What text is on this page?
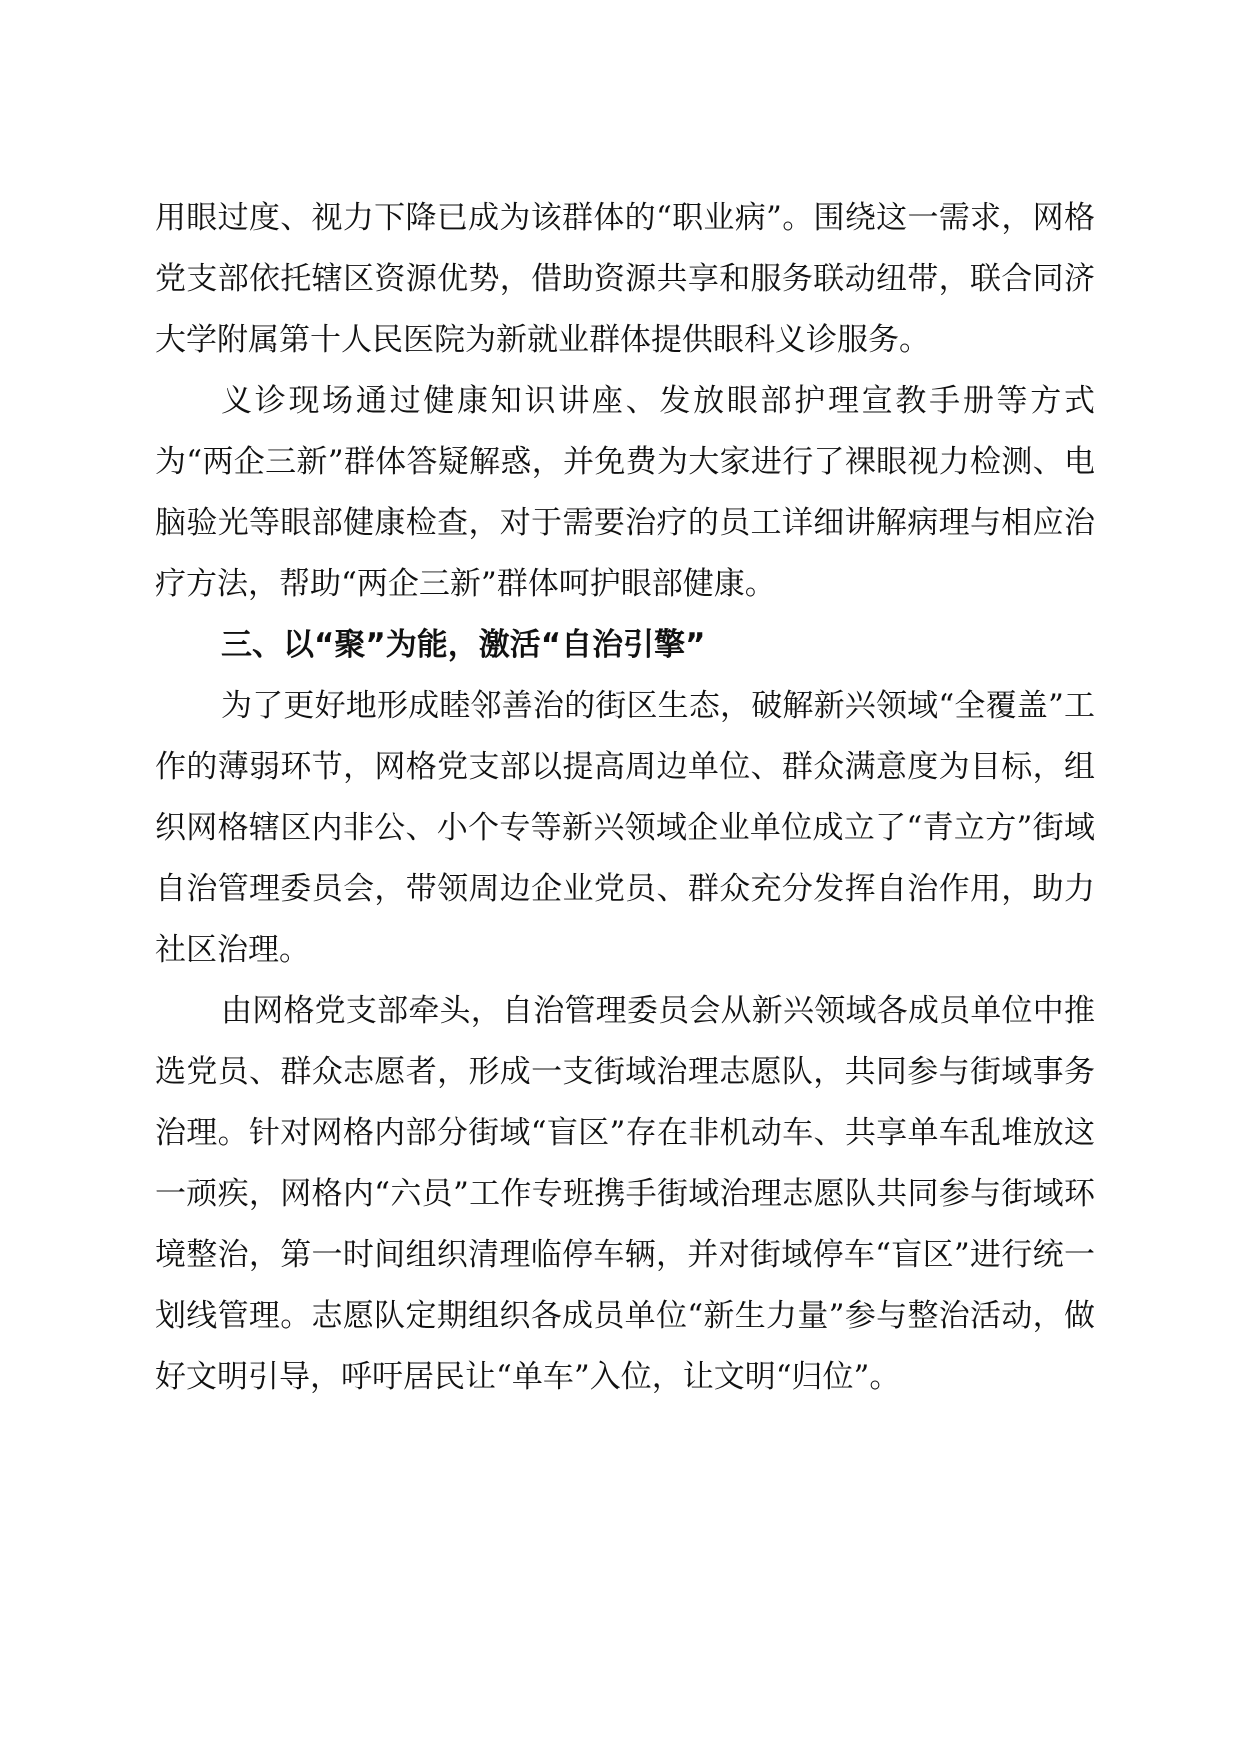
用眼过度、视力下降已成为该群体的“职业病”。围绕这一需求，网格党支部依托辖区资源优势，借助资源共享和服务联动纽带，联合同济大学附属第十人民医院为新就业群体提供眼科义诊服务。

义诊现场通过健康知识讲座、发放眼部护理宣教手册等方式为“两企三新”群体答疑解惑，并免费为大家进行了裸眼视力检测、电脑验光等眼部健康检查，对于需要治疗的员工详细讲解病理与相应治疗方法，帮助“两企三新”群体呵护眼部健康。

三、以“聚”为能，激活“自治引擎”

为了更好地形成睦邻善治的街区生态，破解新兴领域“全覆盖”工作的薄弱环节，网格党支部以提高周边单位、群众满意度为目标，组织网格辖区内非公、小个专等新兴领域企业单位成立了“青立方”街域自治管理委员会，带领周边企业党员、群众充分发挥自治作用，助力社区治理。

由网格党支部牵头，自治管理委员会从新兴领域各成员单位中推选党员、群众志愿者，形成一支街域治理志愿队，共同参与街域事务治理。针对网格内部分街域“盲区”存在非机动车、共享单车乱堆放这一顽疾，网格内“六员”工作专班携手街域治理志愿队共同参与街域环境整治，第一时间组织清理临停车辆，并对街域停车“盲区”进行统一划线管理。志愿队定期组织各成员单位“新生力量”参与整治活动，做好文明引导，呼吁居民让“单车”入位，让文明“归位”。
